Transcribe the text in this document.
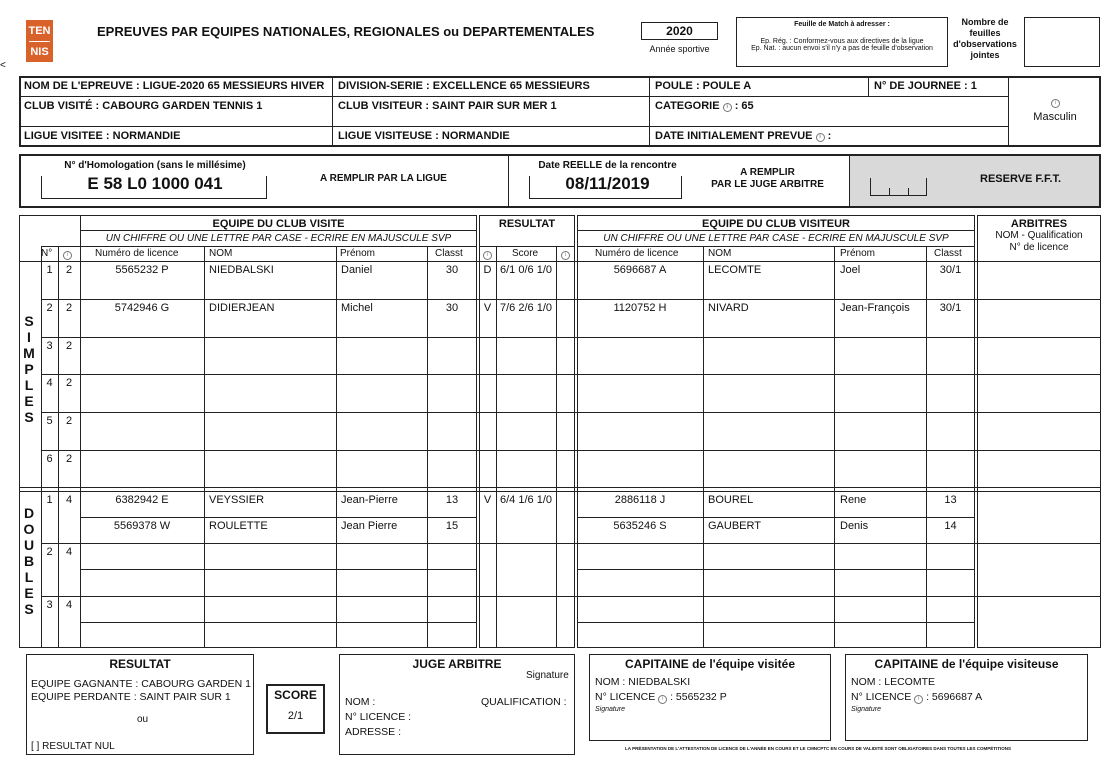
TEN
NIS
<
EPREUVES PAR EQUIPES NATIONALES, REGIONALES ou DEPARTEMENTALES	2020
Année sportive
Feuille de Match à adresser :
Ep. Rég. : Conformez-vous aux directives de la ligue
Ep. Nat. : aucun envoi s'il n'y a pas de feuille d'observation
Nombre de feuilles d'observations jointes
NOM DE L'EPREUVE : LIGUE-2020 65 MESSIEURS HIVER DIVISION-SERIE : EXCELLENCE 65 MESSIEURS	POULE : POULE A	N° DE JOURNEE : 1
CLUB VISITÉ : CABOURG GARDEN TENNIS 1	CLUB VISITEUR : SAINT PAIR SUR MER 1	CATEGORIE i : 65
LIGUE VISITEE : NORMANDIE	LIGUE VISITEUSE : NORMANDIE	DATE INITIALEMENT PREVUE i :
i
Masculin
N° d'Homologation (sans le millésime)
E 58 L0 1000 041	A REMPLIR PAR LA LIGUE
Date REELLE de la rencontre
08/11/2019
A REMPLIR
PAR LE JUGE ARBITRE	RESERVE F.F.T.
EQUIPE DU CLUB VISITE
UN CHIFFRE OU UNE LETTRE PAR CASE - ECRIRE EN MAJUSCULE SVP
RESULTAT	EQUIPE DU CLUB VISITEUR
UN CHIFFRE OU UNE LETTRE PAR CASE - ECRIRE EN MAJUSCULE SVP
ARBITRES
NOM - Qualification
N° de licence
N°	i	Numéro de licence	NOM	Prénom	Classt	i	Score	i	Numéro de licence	NOM	Prénom	Classt
S
I
M
P
L
E
S
D
O
U
B
L
E
S
1	2	5565232 P	NIEDBALSKI	Daniel	30	D 6/1 0/6 1/0	5696687 A	LECOMTE	Joel	30/1
2	2	5742946 G	DIDIERJEAN	Michel	30	V 7/6 2/6 1/0	1120752 H	NIVARD	Jean-François	30/1
3	2
4	2
5	2
6	2
1	4	V 6/4 1/6 1/0
6382942 E	VEYSSIER	Jean-Pierre	13	2886118 J	BOUREL	Rene	13
5569378 W	ROULETTE	Jean Pierre	15	5635246 S	GAUBERT	Denis	14
2	4
3	4
RESULTAT
EQUIPE GAGNANTE : CABOURG GARDEN 1
EQUIPE PERDANTE : SAINT PAIR SUR 1
ou
[ ] RESULTAT NUL
SCORE
2/1
JUGE ARBITRE
Signature
NOM :	QUALIFICATION :
N° LICENCE :
ADRESSE :
CAPITAINE de l'équipe visitée
NOM : NIEDBALSKI
N° LICENCE i : 5565232 P
Signature
CAPITAINE de l'équipe visiteuse
NOM : LECOMTE
N° LICENCE i : 5696687 A
Signature
LA PRÉSENTATION DE L'ATTESTATION DE LICENCE DE L'ANNÉE EN COURS ET LE CMNCPTC EN COURS DE VALIDITÉ SONT OBLIGATOIRES DANS TOUTES LES COMPÉTITIONS
